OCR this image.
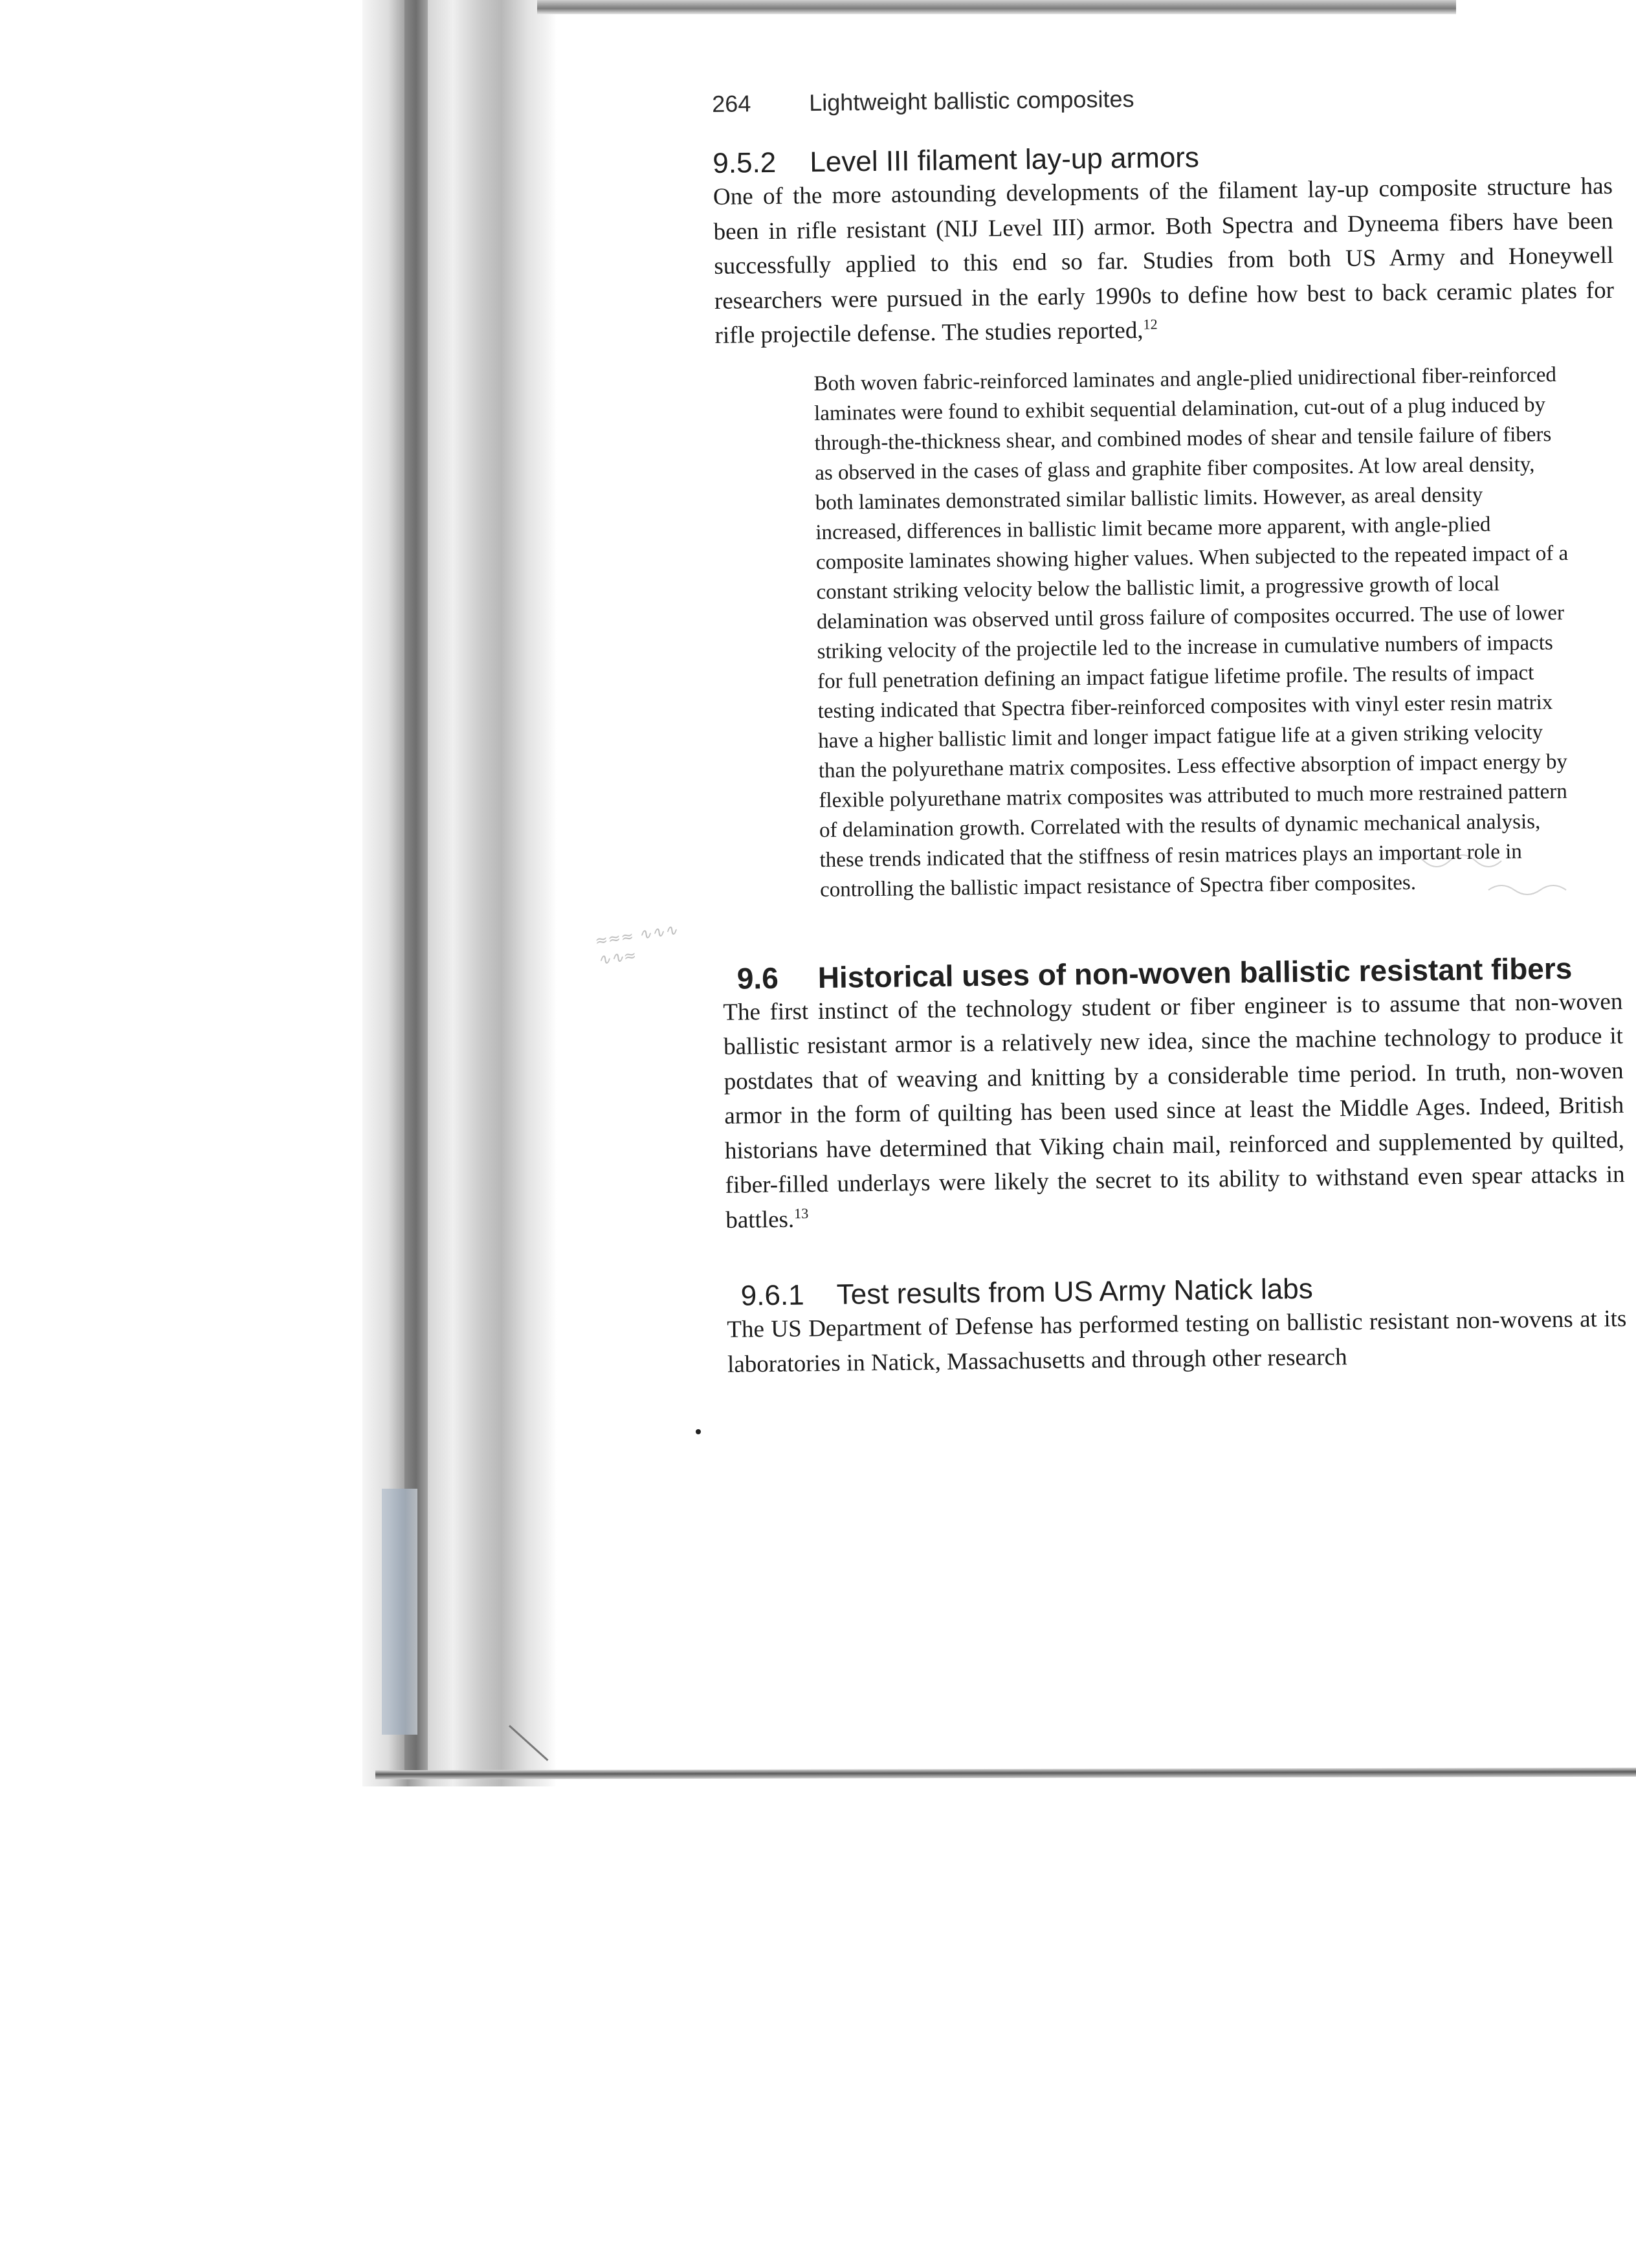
≈≈≈ ∿∿∿
∿∿≈
264	Lightweight ballistic composites
9.5.2	Level III filament lay-up armors

One of the more astounding developments of the filament lay-up composite structure has been in rifle resistant (NIJ Level III) armor. Both Spectra and Dyneema fibers have been successfully applied to this end so far. Studies from both US Army and Honeywell researchers were pursued in the early 1990s to define how best to back ceramic plates for rifle projectile defense. The studies reported,$^{12}$

Both woven fabric-reinforced laminates and angle-plied unidirectional fiber-reinforced laminates were found to exhibit sequential delamination, cut-out of a plug induced by through-the-thickness shear, and combined modes of shear and tensile failure of fibers as observed in the cases of glass and graphite fiber composites. At low areal density, both laminates demonstrated similar ballistic limits. However, as areal density increased, differences in ballistic limit became more apparent, with angle-plied composite laminates showing higher values. When subjected to the repeated impact of a constant striking velocity below the ballistic limit, a progressive growth of local delamination was observed until gross failure of composites occurred. The use of lower striking velocity of the projectile led to the increase in cumulative numbers of impacts for full penetration defining an impact fatigue lifetime profile. The results of impact testing indicated that Spectra fiber-reinforced composites with vinyl ester resin matrix have a higher ballistic limit and longer impact fatigue life at a given striking velocity than the polyurethane matrix composites. Less effective absorption of impact energy by flexible polyurethane matrix composites was attributed to much more restrained pattern of delamination growth. Correlated with the results of dynamic mechanical analysis, these trends indicated that the stiffness of resin matrices plays an important role in controlling the ballistic impact resistance of Spectra fiber composites.

9.6	Historical uses of non-woven ballistic resistant fibers

The first instinct of the technology student or fiber engineer is to assume that non-woven ballistic resistant armor is a relatively new idea, since the machine technology to produce it postdates that of weaving and knitting by a considerable time period. In truth, non-woven armor in the form of quilting has been used since at least the Middle Ages. Indeed, British historians have determined that Viking chain mail, reinforced and supplemented by quilted, fiber-filled underlays were likely the secret to its ability to withstand even spear attacks in battles.$^{13}$

9.6.1	Test results from US Army Natick labs

The US Department of Defense has performed testing on ballistic resistant non-wovens at its laboratories in Natick, Massachusetts and through other research
